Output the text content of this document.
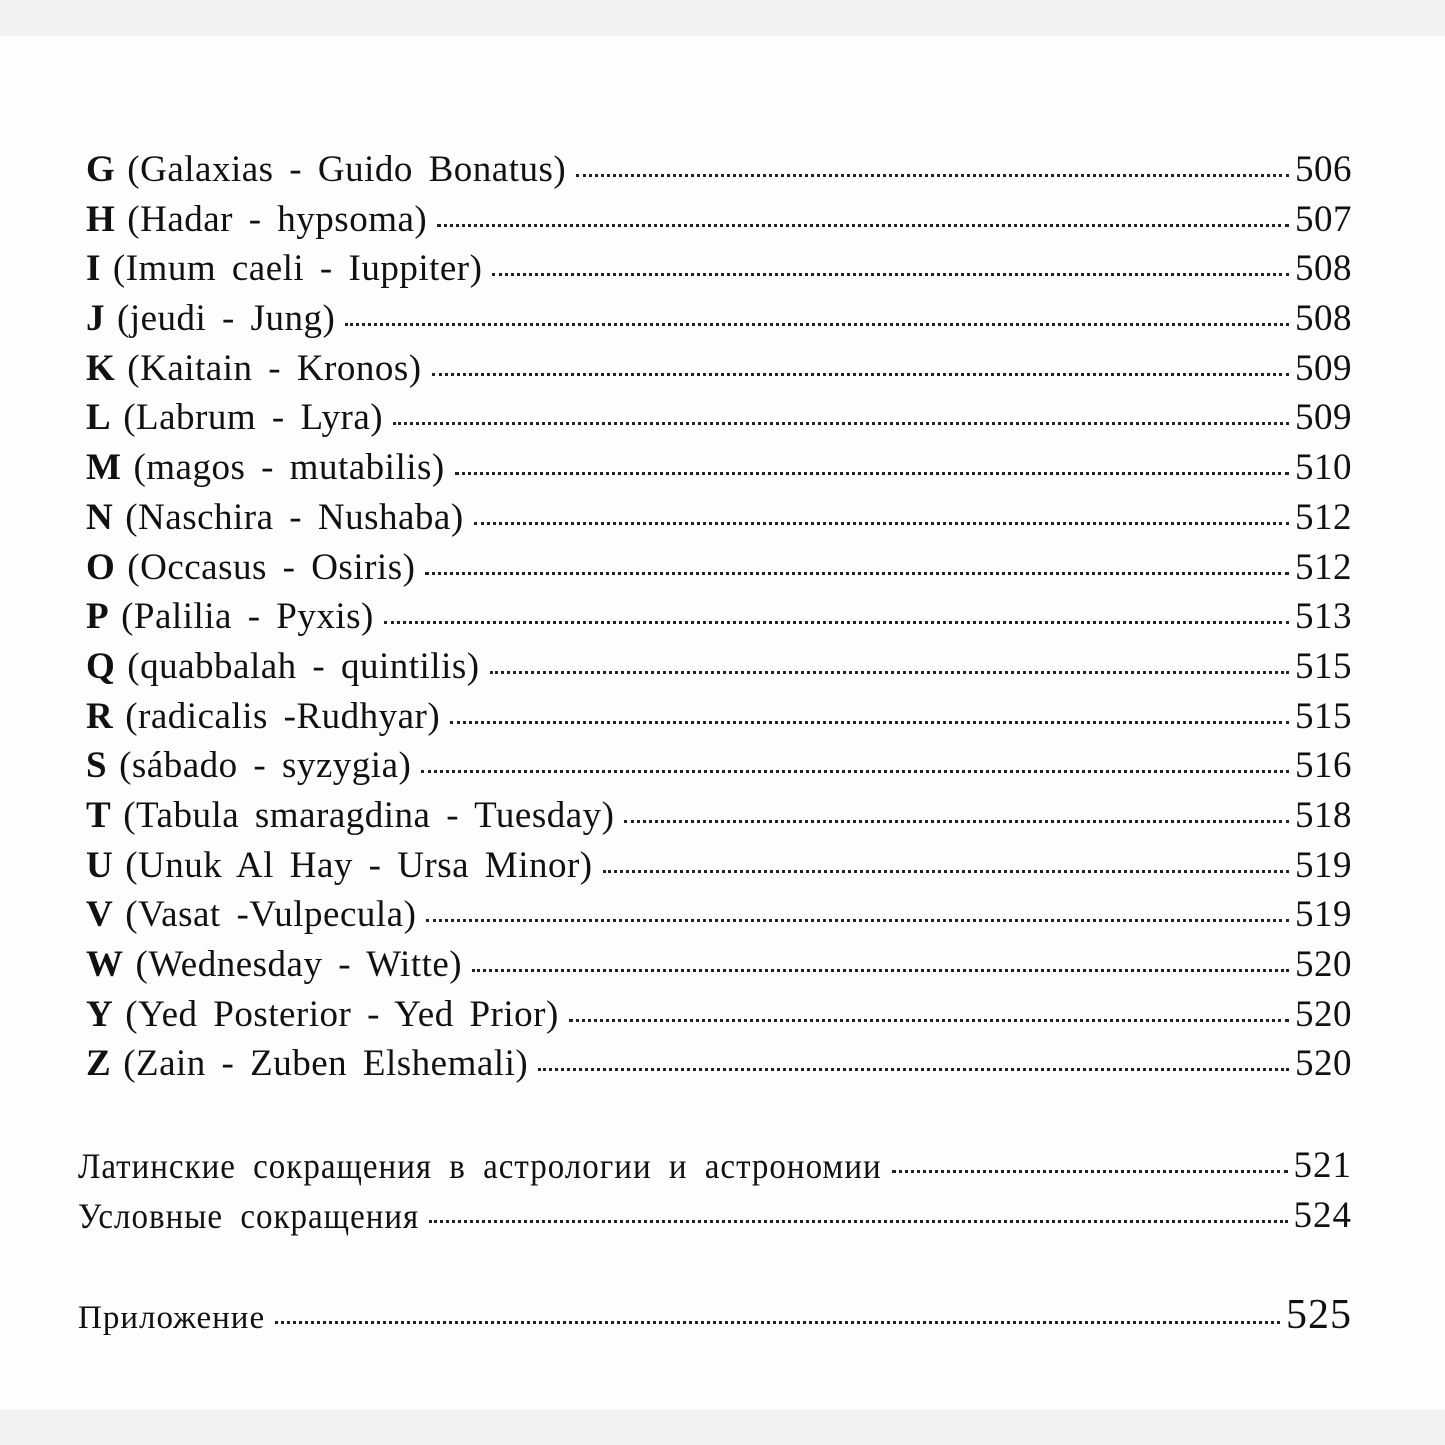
G (Galaxias - Guido Bonatus)	506
H (Hadar - hypsoma)	507
I (Imum caeli - Iuppiter)	508
J (jeudi - Jung)	508
K (Kaitain - Kronos)	509
L (Labrum - Lyra)	509
M (magos - mutabilis)	510
N (Naschira - Nushaba)	512
O (Occasus - Osiris)	512
P (Palilia - Pyxis)	513
Q (quabbalah - quintilis)	515
R (radicalis -Rudhyar)	515
S (sábado - syzygia)	516
T (Tabula smaragdina - Tuesday)	518
U (Unuk Al Hay - Ursa Minor)	519
V (Vasat -Vulpecula)	519
W (Wednesday - Witte)	520
Y (Yed Posterior - Yed Prior)	520
Z (Zain - Zuben Elshemali)	520
Латинские сокращения в астрологии и астрономии	521
Условные сокращения	524
Приложение	525
